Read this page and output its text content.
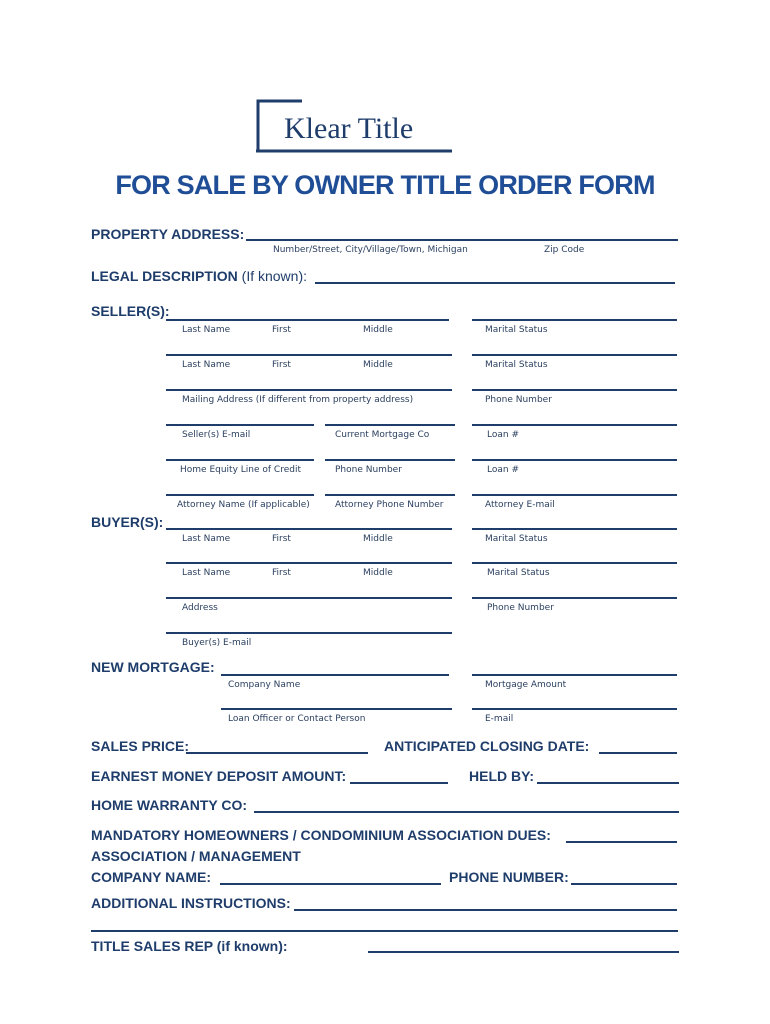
Klear Title
FOR SALE BY OWNER TITLE ORDER FORM
PROPERTY ADDRESS:
Number/Street, City/Village/Town, Michigan	Zip Code
LEGAL DESCRIPTION (If known):
SELLER(S):
Last Name	First	Middle	Marital Status
Last Name	First	Middle	Marital Status
Mailing Address (If different from property address)	Phone Number
Seller(s) E-mail	Current Mortgage Co	Loan #
Home Equity Line of Credit	Phone Number	Loan #
Attorney Name (If applicable)	Attorney Phone Number	Attorney E-mail
BUYER(S):
Last Name	First	Middle	Marital Status
Last Name	First	Middle	Marital Status
Address	Phone Number
Buyer(s) E-mail
NEW MORTGAGE:
Company Name	Mortgage Amount
Loan Officer or Contact Person	E-mail
SALES PRICE:	ANTICIPATED CLOSING DATE:
EARNEST MONEY DEPOSIT AMOUNT:	HELD BY:
HOME WARRANTY CO:
MANDATORY HOMEOWNERS / CONDOMINIUM ASSOCIATION DUES:
ASSOCIATION / MANAGEMENT
COMPANY NAME:	PHONE NUMBER:
ADDITIONAL INSTRUCTIONS:
TITLE SALES REP (if known):
